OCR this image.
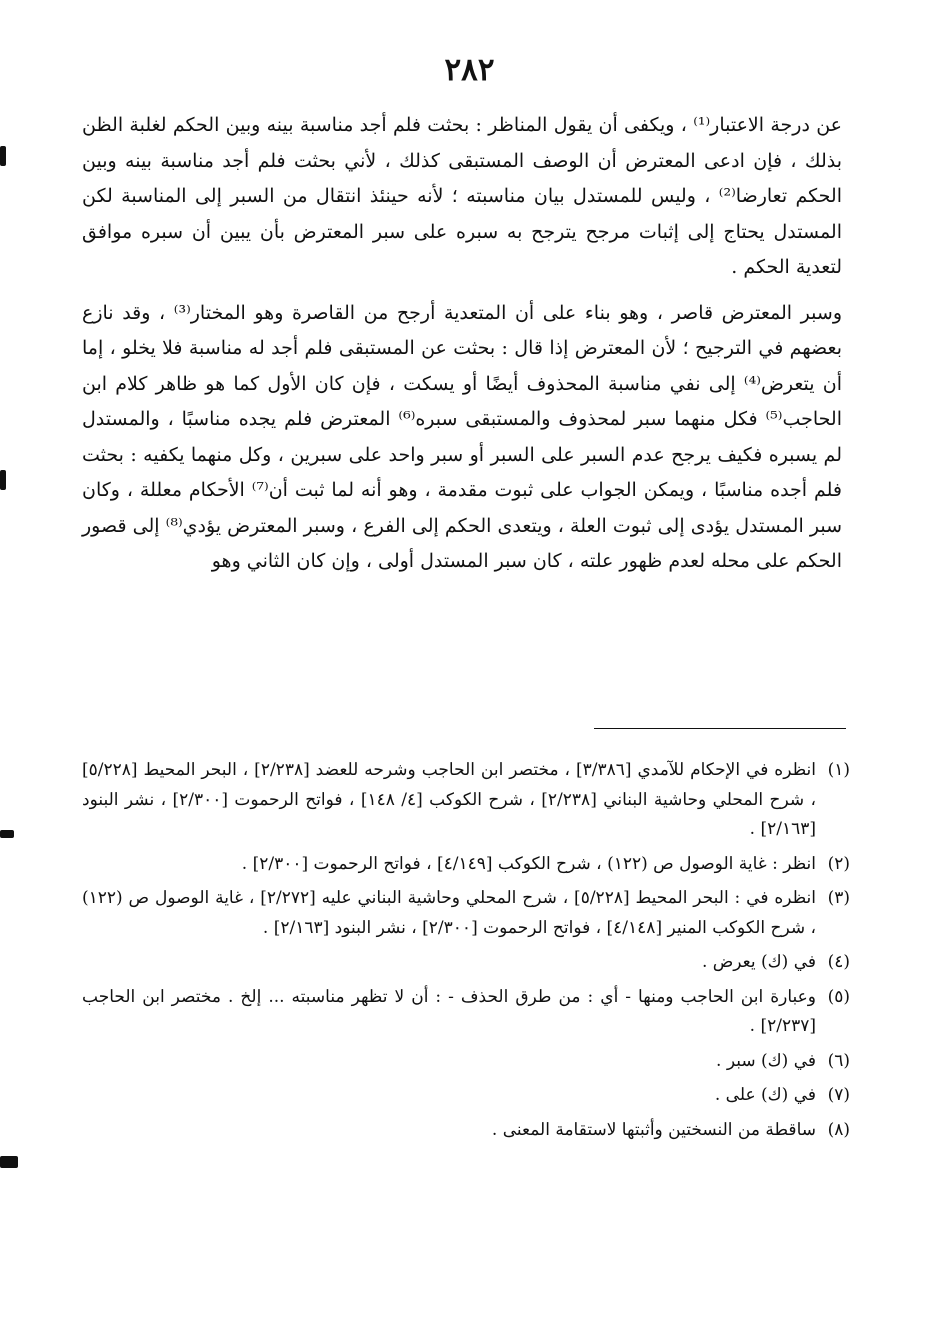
٢٨٢

عن درجة الاعتبار⁽¹⁾ ، ويكفى أن يقول المناظر : بحثت فلم أجد مناسبة بينه وبين الحكم لغلبة الظن بذلك ، فإن ادعى المعترض أن الوصف المستبقى كذلك ، لأني بحثت فلم أجد مناسبة بينه وبين الحكم تعارضا⁽²⁾ ، وليس للمستدل بيان مناسبته ؛ لأنه حينئذ انتقال من السبر إلى المناسبة لكن المستدل يحتاج إلى إثبات مرجح يترجح به سبره على سبر المعترض بأن يبين أن سبره موافق لتعدية الحكم .

وسبر المعترض قاصر ، وهو بناء على أن المتعدية أرجح من القاصرة وهو المختار⁽³⁾ ، وقد نازع بعضهم في الترجيح ؛ لأن المعترض إذا قال : بحثت عن المستبقى فلم أجد له مناسبة فلا يخلو ، إما أن يتعرض⁽⁴⁾ إلى نفي مناسبة المحذوف أيضًا أو يسكت ، فإن كان الأول كما هو ظاهر كلام ابن الحاجب⁽⁵⁾ فكل منهما سبر لمحذوف والمستبقى سبره⁽⁶⁾ المعترض فلم يجده مناسبًا ، والمستدل لم يسبره فكيف يرجح عدم السبر على السبر أو سبر واحد على سبرين ، وكل منهما يكفيه : بحثت فلم أجده مناسبًا ، ويمكن الجواب على ثبوت مقدمة ، وهو أنه لما ثبت أن⁽⁷⁾ الأحكام معللة ، وكان سبر المستدل يؤدى إلى ثبوت العلة ، ويتعدى الحكم إلى الفرع ، وسبر المعترض يؤدي⁽⁸⁾ إلى قصور الحكم على محله لعدم ظهور علته ، كان سبر المستدل أولى ، وإن كان الثاني وهو

(١)
انظره في الإحكام للآمدي [٣/٣٨٦] ، مختصر ابن الحاجب وشرحه للعضد [٢/٢٣٨] ، البحر المحيط [٥/٢٢٨] ، شرح المحلي وحاشية البناني [٢/٢٣٨] ، شرح الكوكب [٤/ ١٤٨] ، فواتح الرحموت [٢/٣٠٠] ، نشر البنود [٢/١٦٣] .
(٢)
انظر : غاية الوصول ص (١٢٢) ، شرح الكوكب [٤/١٤٩] ، فواتح الرحموت [٢/٣٠٠] .
(٣)
انظره في : البحر المحيط [٥/٢٢٨] ، شرح المحلي وحاشية البناني عليه [٢/٢٧٢] ، غاية الوصول ص (١٢٢) ، شرح الكوكب المنير [٤/١٤٨] ، فواتح الرحموت [٢/٣٠٠] ، نشر البنود [٢/١٦٣] .
(٤)
في (ك) يعرض .
(٥)
وعبارة ابن الحاجب ومنها - أي : من طرق الحذف - : أن لا تظهر مناسبته ... إلخ . مختصر ابن الحاجب [٢/٢٣٧] .
(٦)
في (ك) سبر .
(٧)
في (ك) على .
(٨)
ساقطة من النسختين وأثبتها لاستقامة المعنى .
